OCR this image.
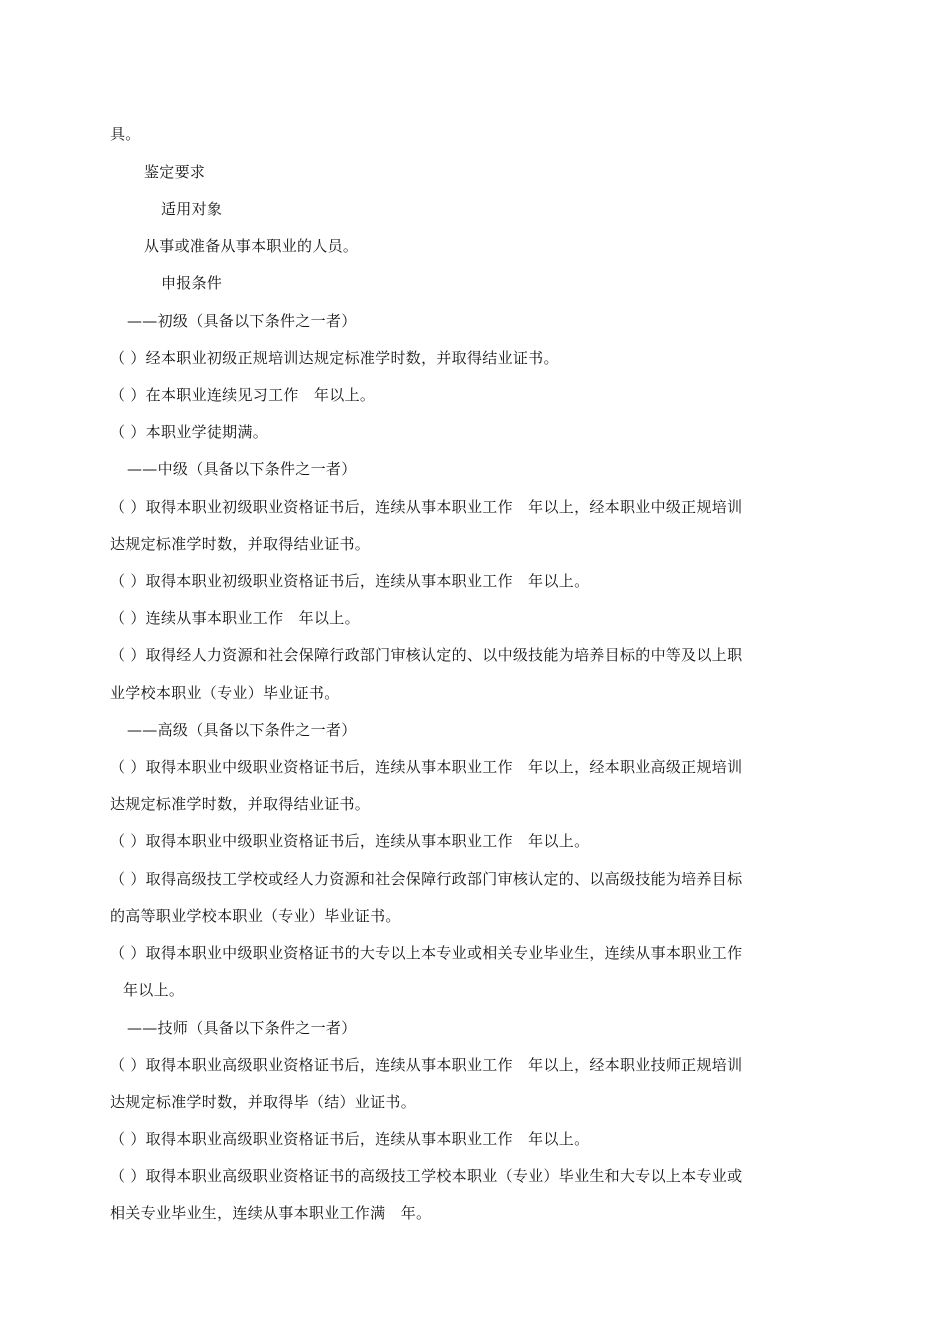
具。
鉴定要求
适用对象
从事或准备从事本职业的人员。
申报条件
——初级（具备以下条件之一者）
（ ）经本职业初级正规培训达规定标准学时数，并取得结业证书。
（ ）在本职业连续见习工作　年以上。
（ ）本职业学徒期满。
——中级（具备以下条件之一者）
（ ）取得本职业初级职业资格证书后，连续从事本职业工作　年以上，经本职业中级正规培训
达规定标准学时数，并取得结业证书。
（ ）取得本职业初级职业资格证书后，连续从事本职业工作　年以上。
（ ）连续从事本职业工作　年以上。
（ ）取得经人力资源和社会保障行政部门审核认定的、以中级技能为培养目标的中等及以上职
业学校本职业（专业）毕业证书。
——高级（具备以下条件之一者）
（ ）取得本职业中级职业资格证书后，连续从事本职业工作　年以上，经本职业高级正规培训
达规定标准学时数，并取得结业证书。
（ ）取得本职业中级职业资格证书后，连续从事本职业工作　年以上。
（ ）取得高级技工学校或经人力资源和社会保障行政部门审核认定的、以高级技能为培养目标
的高等职业学校本职业（专业）毕业证书。
（ ）取得本职业中级职业资格证书的大专以上本专业或相关专业毕业生，连续从事本职业工作
年以上。
——技师（具备以下条件之一者）
（ ）取得本职业高级职业资格证书后，连续从事本职业工作　年以上，经本职业技师正规培训
达规定标准学时数，并取得毕（结）业证书。
（ ）取得本职业高级职业资格证书后，连续从事本职业工作　年以上。
（ ）取得本职业高级职业资格证书的高级技工学校本职业（专业）毕业生和大专以上本专业或
相关专业毕业生，连续从事本职业工作满　年。
